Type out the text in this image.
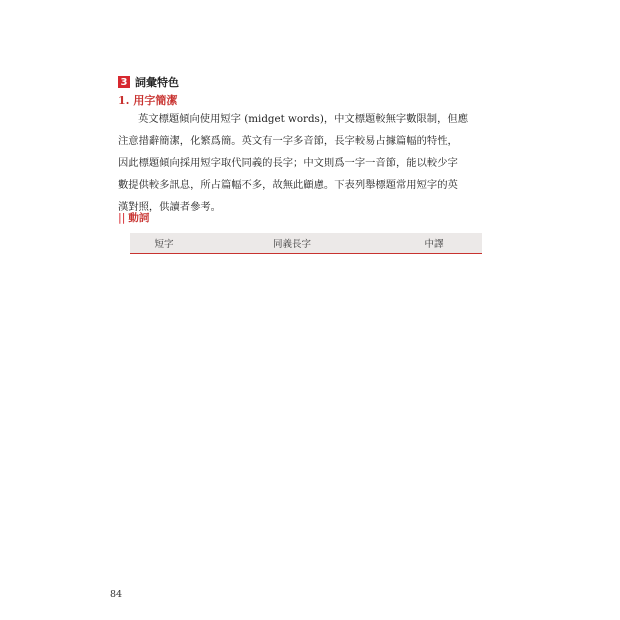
3 詞彙特色
1. 用字簡潔
英文標題傾向使用短字 (midget words)，中文標題較無字數限制，但應
注意措辭簡潔，化繁爲簡。英文有一字多音節，長字較易占據篇幅的特性，
因此標題傾向採用短字取代同義的長字；中文則爲一字一音節，能以較少字
數提供較多訊息，所占篇幅不多，故無此顧慮。下表列舉標題常用短字的英
漢對照，供讀者參考。
|| 動詞
短字	同義長字	中譯
84
